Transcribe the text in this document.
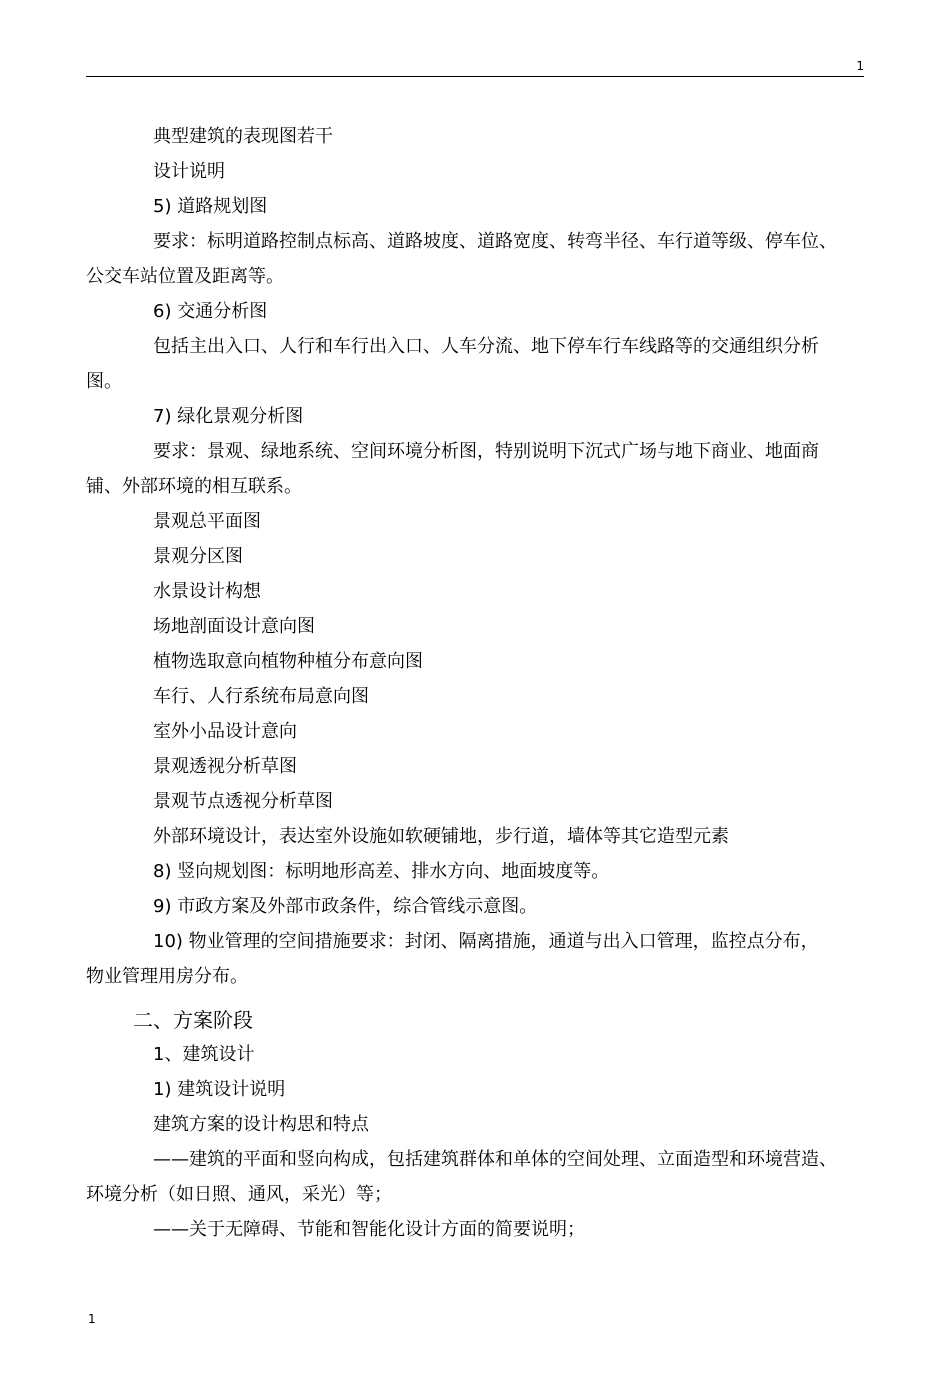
1
典型建筑的表现图若干
设计说明
5) 道路规划图
要求：标明道路控制点标高、道路坡度、道路宽度、转弯半径、车行道等级、停车位、
公交车站位置及距离等。
6) 交通分析图
包括主出入口、人行和车行出入口、人车分流、地下停车行车线路等的交通组织分析
图。
7) 绿化景观分析图
要求：景观、绿地系统、空间环境分析图，特别说明下沉式广场与地下商业、地面商
铺、外部环境的相互联系。
景观总平面图
景观分区图
水景设计构想
场地剖面设计意向图
植物选取意向植物种植分布意向图
车行、人行系统布局意向图
室外小品设计意向
景观透视分析草图
景观节点透视分析草图
外部环境设计，表达室外设施如软硬铺地，步行道，墙体等其它造型元素
8) 竖向规划图：标明地形高差、排水方向、地面坡度等。
9) 市政方案及外部市政条件，综合管线示意图。
10) 物业管理的空间措施要求：封闭、隔离措施，通道与出入口管理，监控点分布，
物业管理用房分布。
二、方案阶段
1、建筑设计
1) 建筑设计说明
建筑方案的设计构思和特点
——建筑的平面和竖向构成，包括建筑群体和单体的空间处理、立面造型和环境营造、
环境分析（如日照、通风，采光）等；
——关于无障碍、节能和智能化设计方面的简要说明；
1
